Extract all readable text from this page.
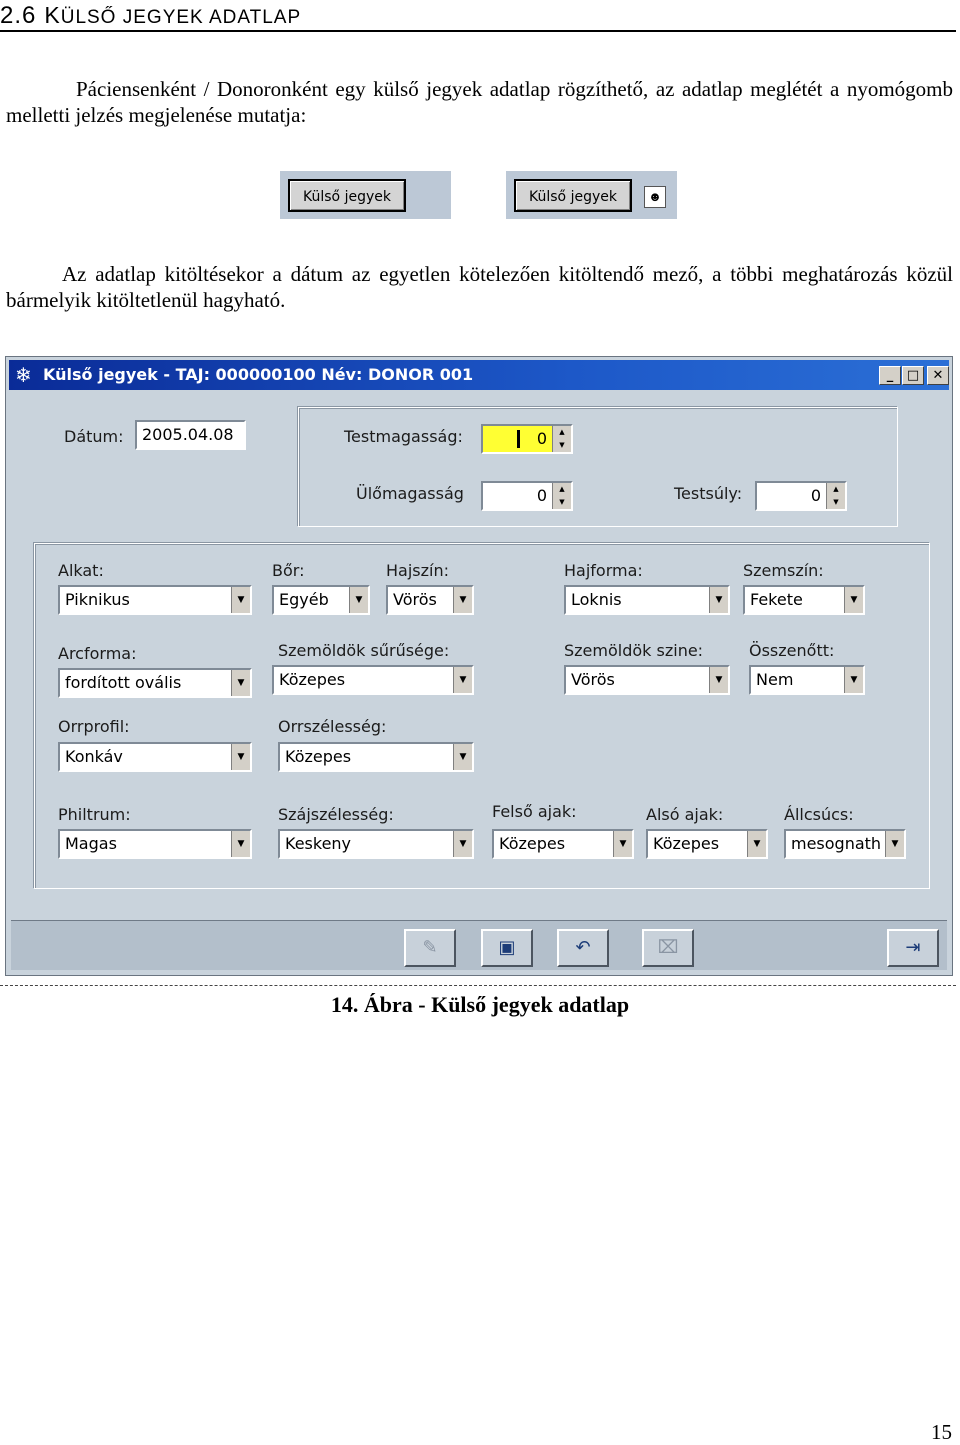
2.6 KÜLSŐ JEGYEK ADATLAP
Páciensenként / Donoronként egy külső jegyek adatlap rögzíthető, az adatlap meglétét a nyomógomb melletti jelzés megjelenése mutatja:
Külső jegyek	Külső jegyek	☻
Az adatlap kitöltésekor a dátum az egyetlen kötelezően kitöltendő mező, a többi meghatározás közül bármelyik kitöltetlenül hagyható.
❄ Külső jegyek - TAJ: 000000100 Név: DONOR 001	_	□	✕
Dátum:	2005.04.08	Testmagasság:	0	▲
▼
Ülőmagasság	0	▲
▼	Testsúly:	0	▲
▼
Alkat:
Piknikus	▼
Bőr:
Egyéb	▼
Hajszín:
Vörös	▼
Hajforma:
Loknis	▼
Szemszín:
Fekete	▼
Arcforma:
fordított ovális	▼
Szemöldök sűrűsége:
Közepes	▼
Szemöldök szine:
Vörös	▼
Összenőtt:
Nem	▼
Orrprofil:
Konkáv	▼
Orrszélesség:
Közepes	▼
Philtrum:
Magas	▼
Szájszélesség:
Keskeny	▼
Felső ajak:
Közepes	▼
Alsó ajak:
Közepes	▼
Állcsúcs:
mesognath	▼
✎	▣	↶	⌧	⇥
14. Ábra - Külső jegyek adatlap
15
